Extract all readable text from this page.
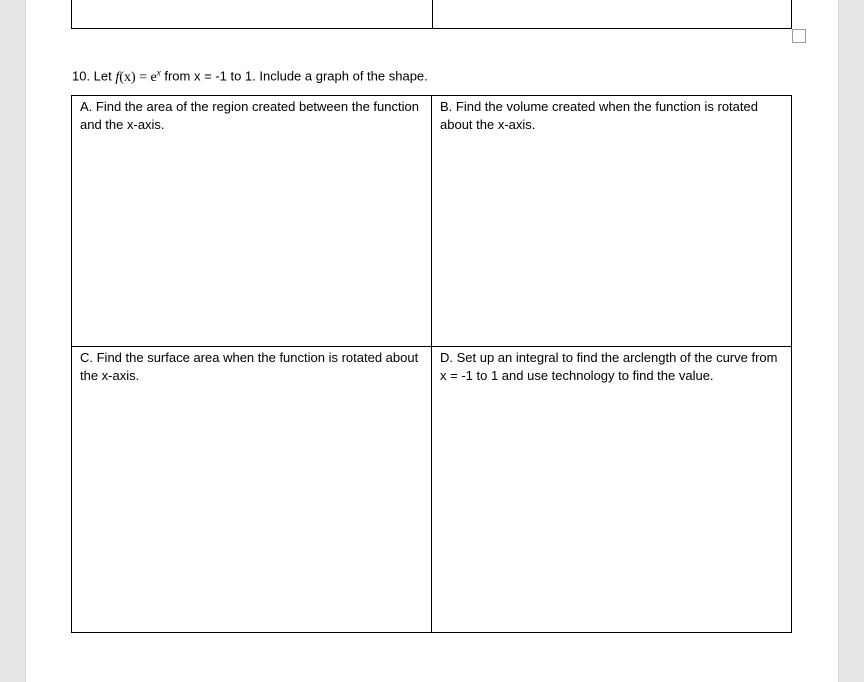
10. Let $f(x) = e^x$ from x = -1 to 1. Include a graph of the shape.
A. Find the area of the region created between the function and the x-axis.
B. Find the volume created when the function is rotated about the x-axis.
C. Find the surface area when the function is rotated about the x-axis.
D. Set up an integral to find the arclength of the curve from x = -1 to 1 and use technology to find the value.
